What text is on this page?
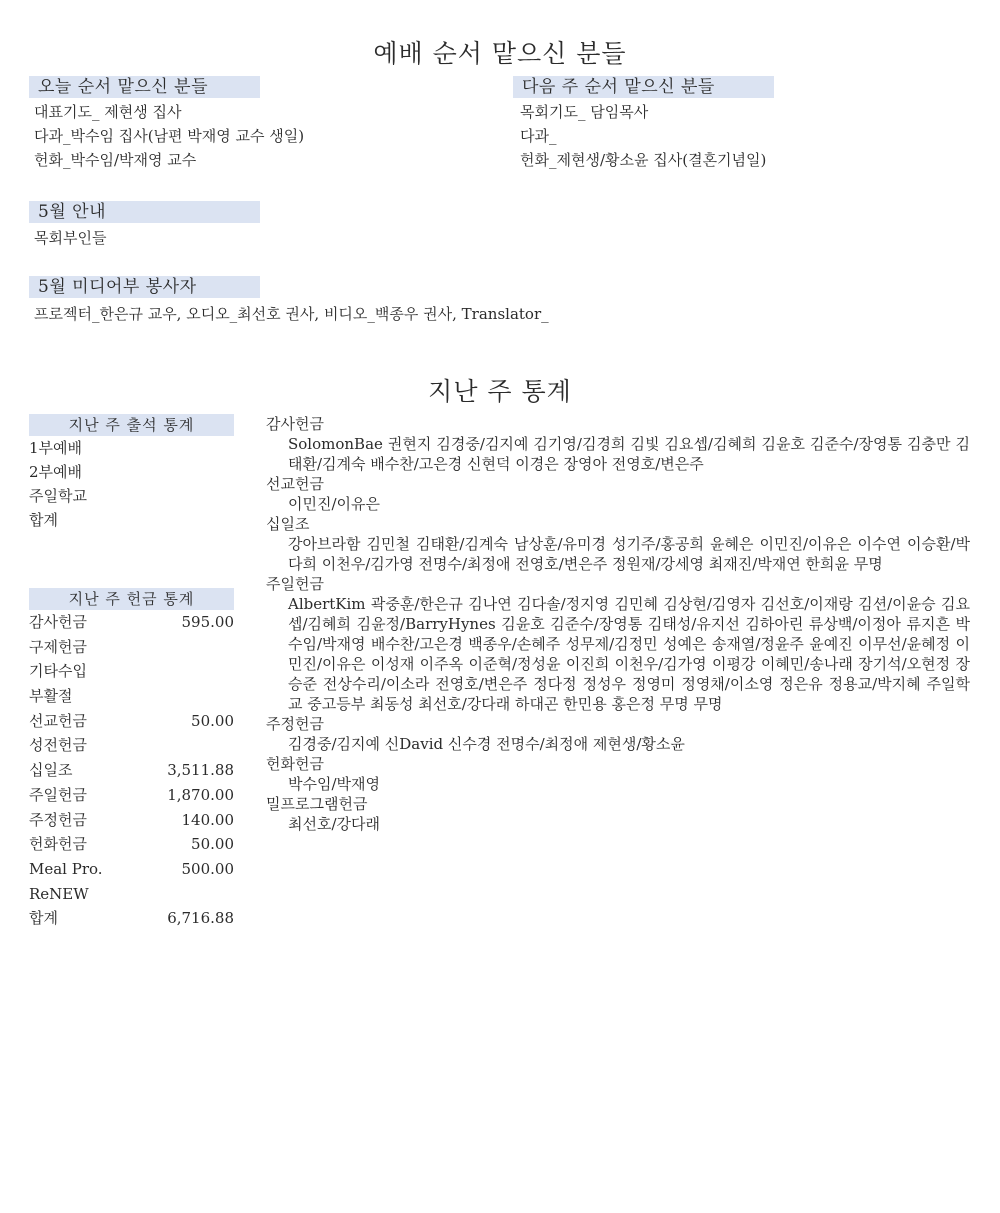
예배 순서 맡으신 분들
오늘 순서 맡으신 분들
대표기도_ 제현생 집사
다과_박수임 집사(남편 박재영 교수 생일)
헌화_박수임/박재영 교수
다음 주 순서 맡으신 분들
목회기도_ 담임목사
다과_
헌화_제현생/황소윤 집사(결혼기념일)
5월 안내
목회부인들
5월 미디어부 봉사자
프로젝터_한은규 교우, 오디오_최선호 권사, 비디오_백종우 권사, Translator_
지난 주 통계
지난 주 출석 통계
1부예배
2부예배
주일학교
합계
지난 주 헌금 통계
감사헌금	595.00
구제헌금
기타수입
부활절
선교헌금	50.00
성전헌금
십일조	3,511.88
주일헌금	1,870.00
주정헌금	140.00
헌화헌금	50.00
Meal Pro.	500.00
ReNEW
합계	6,716.88
감사헌금
SolomonBae 권현지 김경중/김지예 김기영/김경희 김빛 김요셉/김혜희 김윤호 김준수/장영통 김충만 김태환/김계숙 배수찬/고은경 신현덕 이경은 장영아 전영호/변은주
선교헌금
이민진/이유은
십일조
강아브라함 김민철 김태환/김계숙 남상훈/유미경 성기주/홍공희 윤혜은 이민진/이유은 이수연 이승환/박다희 이천우/김가영 전명수/최정애 전영호/변은주 정원재/강세영 최재진/박재연 한희윤 무명
주일헌금
AlbertKim 곽중훈/한은규 김나연 김다솔/정지영 김민혜 김상현/김영자 김선호/이재랑 김션/이윤승 김요셉/김혜희 김윤정/BarryHynes 김윤호 김준수/장영통 김태성/유지선 김하아린 류상백/이정아 류지흔 박수임/박재영 배수찬/고은경 백종우/손혜주 성무제/김정민 성예은 송재열/정윤주 윤예진 이무선/윤혜정 이민진/이유은 이성재 이주옥 이준혁/정성윤 이진희 이천우/김가영 이평강 이혜민/송나래 장기석/오현정 장승준 전상수리/이소라 전영호/변은주 정다정 정성우 정영미 정영채/이소영 정은유 정용교/박지혜 주일학교 중고등부 최동성 최선호/강다래 하대곤 한민용 홍은정 무명 무명
주정헌금
김경중/김지예 신David 신수경 전명수/최정애 제현생/황소윤
헌화헌금
박수임/박재영
밀프로그램헌금
최선호/강다래
